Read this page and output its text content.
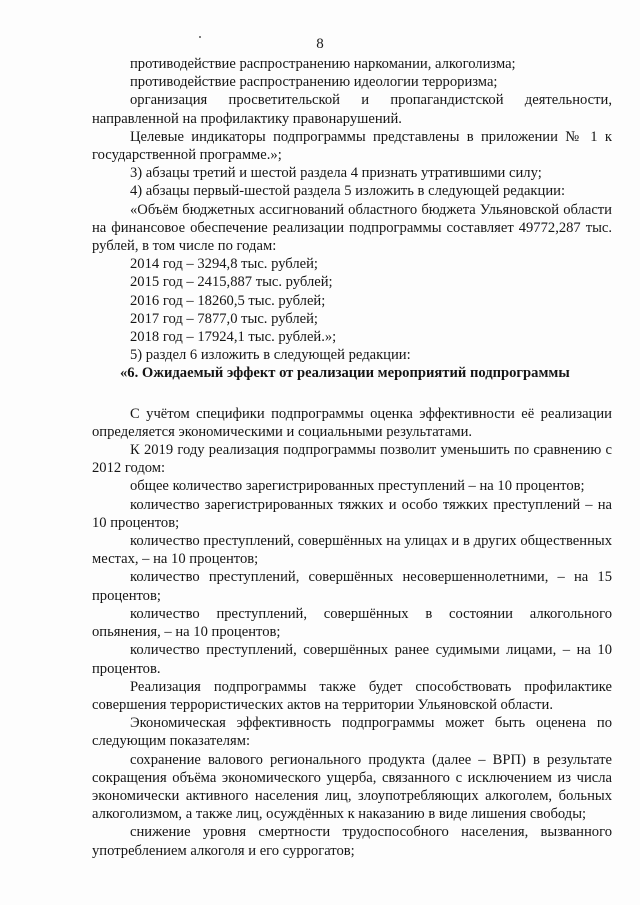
8

противодействие распространению наркомании, алкоголизма;

противодействие распространению идеологии терроризма;

организация просветительской и пропагандистской деятельности, направленной на профилактику правонарушений.

Целевые индикаторы подпрограммы представлены в приложении № 1 к государственной программе.»;

3) абзацы третий и шестой раздела 4 признать утратившими силу;

4) абзацы первый-шестой раздела 5 изложить в следующей редакции:

«Объём бюджетных ассигнований областного бюджета Ульяновской области на финансовое обеспечение реализации подпрограммы составляет 49772,287 тыс. рублей, в том числе по годам:

2014 год – 3294,8 тыс. рублей;

2015 год – 2415,887 тыс. рублей;

2016 год – 18260,5 тыс. рублей;

2017 год – 7877,0 тыс. рублей;

2018 год – 17924,1 тыс. рублей.»;

5) раздел 6 изложить в следующей редакции:

«6. Ожидаемый эффект от реализации мероприятий подпрограммы

С учётом специфики подпрограммы оценка эффективности её реализации определяется экономическими и социальными результатами.

К 2019 году реализация подпрограммы позволит уменьшить по сравнению с 2012 годом:

общее количество зарегистрированных преступлений – на 10 процентов;

количество зарегистрированных тяжких и особо тяжких преступлений – на 10 процентов;

количество преступлений, совершённых на улицах и в других общественных местах, – на 10 процентов;

количество преступлений, совершённых несовершеннолетними, – на 15 процентов;

количество преступлений, совершённых в состоянии алкогольного опьянения, – на 10 процентов;

количество преступлений, совершённых ранее судимыми лицами, – на 10 процентов.

Реализация подпрограммы также будет способствовать профилактике совершения террористических актов на территории Ульяновской области.

Экономическая эффективность подпрограммы может быть оценена по следующим показателям:

сохранение валового регионального продукта (далее – ВРП) в результате сокращения объёма экономического ущерба, связанного с исключением из числа экономически активного населения лиц, злоупотребляющих алкоголем, больных алкоголизмом, а также лиц, осуждённых к наказанию в виде лишения свободы;

снижение уровня смертности трудоспособного населения, вызванного употреблением алкоголя и его суррогатов;
